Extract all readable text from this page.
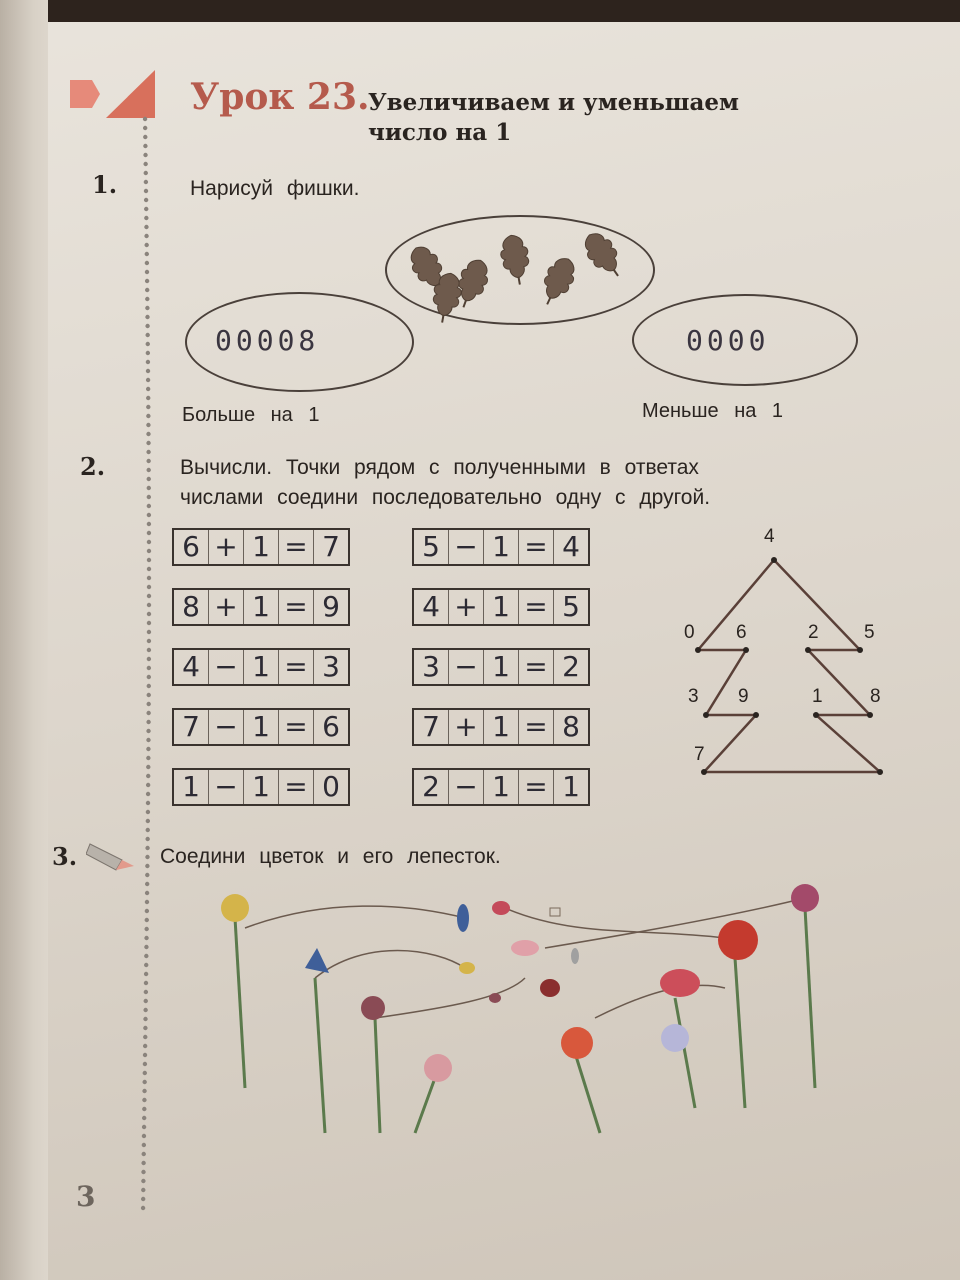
Урок 23.
Увеличиваем и уменьшаем число на 1
1.	Нарисуй фишки.
00008	0000
Больше на 1	Меньше на 1
2.	Вычисли. Точки рядом с полученными в ответах
числами соедини последовательно одну с другой.
6 + 1 = 7
8 + 1 = 9
4 − 1 = 3
7 − 1 = 6
1 − 1 = 0
5 − 1 = 4
4 + 1 = 5
3 − 1 = 2
7 + 1 = 8
2 − 1 = 1
4
0 6	2 5
3 9	1 8
7
3.	Соедини цветок и его лепесток.
3
